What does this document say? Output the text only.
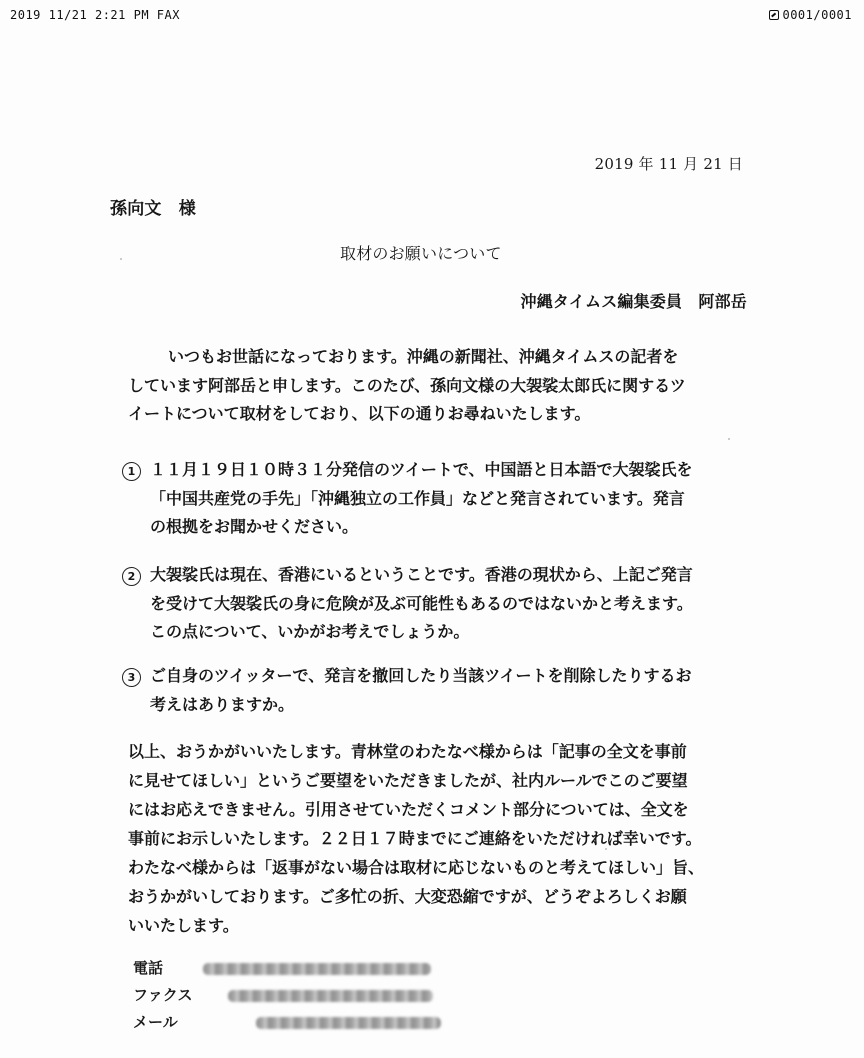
2019 11/21 2:21 PM FAX	0001/0001
2019 年 11 月 21 日
孫向文　様
取材のお願いについて
沖縄タイムス編集委員　阿部岳
いつもお世話になっております。沖縄の新聞社、沖縄タイムスの記者を
しています阿部岳と申します。このたび、孫向文様の大袈裟太郎氏に関するツ
イートについて取材をしており、以下の通りお尋ねいたします。
1 １１月１９日１０時３１分発信のツイートで、中国語と日本語で大袈裟氏を
「中国共産党の手先」「沖縄独立の工作員」などと発言されています。発言
の根拠をお聞かせください。
2 大袈裟氏は現在、香港にいるということです。香港の現状から、上記ご発言
を受けて大袈裟氏の身に危険が及ぶ可能性もあるのではないかと考えます。
この点について、いかがお考えでしょうか。
3 ご自身のツイッターで、発言を撤回したり当該ツイートを削除したりするお
考えはありますか。
以上、おうかがいいたします。青林堂のわたなべ様からは「記事の全文を事前
に見せてほしい」というご要望をいただきましたが、社内ルールでこのご要望
にはお応えできません。引用させていただくコメント部分については、全文を
事前にお示しいたします。２２日１７時までにご連絡をいただければ幸いです。
わたなべ様からは「返事がない場合は取材に応じないものと考えてほしい」旨、
おうかがいしております。ご多忙の折、大変恐縮ですが、どうぞよろしくお願
いいたします。
電話
ファクス
メール
